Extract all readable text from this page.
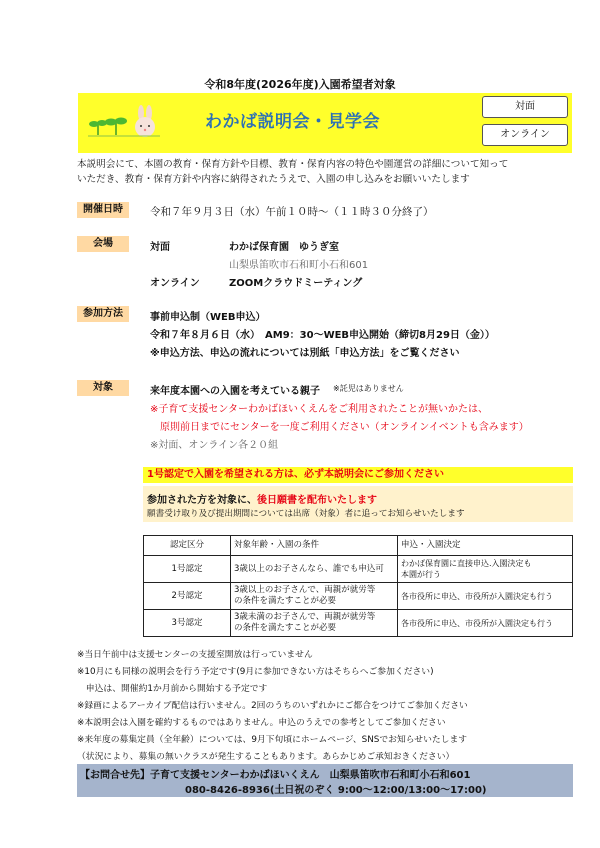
令和8年度(2026年度)入園希望者対象
わかば説明会・見学会
対面
オンライン
本説明会にて、本園の教育・保育方針や目標、教育・保育内容の特色や園運営の詳細について知って
いただき、教育・保育方針や内容に納得されたうえで、入園の申し込みをお願いいたします
開催日時	令和７年９月３日（水）午前１０時～（１１時３０分終了）
会場	対面	わかば保育園　ゆうぎ室
山梨県笛吹市石和町小石和601
オンライン	ZOOMクラウドミーティング
参加方法	事前申込制（WEB申込）
令和７年８月６日（水）　AM9：30～WEB申込開始（締切8月29日（金））
※申込方法、申込の流れについては別紙「申込方法」をご覧ください
対象	来年度本園への入園を考えている親子 ※託児はありません
※子育て支援センターわかばほいくえんをご利用されたことが無いかたは、
原則前日までにセンターを一度ご利用ください（オンラインイベントも含みます）
※対面、オンライン各２０組
1号認定で入園を希望される方は、必ず本説明会にご参加ください
参加された方を対象に、後日願書を配布いたします
願書受け取り及び提出期間については出席（対象）者に追ってお知らせいたします
認定区分	対象年齢・入園の条件	申込・入園決定
1号認定	3歳以上のお子さんなら、誰でも申込可	わかば保育園に直接申込.入園決定も
本園が行う

2号認定	3歳以上のお子さんで、両親が就労等
の条件を満たすことが必要	各市役所に申込、市役所が入園決定も行う
3号認定	3歳未満のお子さんで、両親が就労等
の条件を満たすことが必要	各市役所に申込、市役所が入園決定も行う
※当日午前中は支援センターの支援室開放は行っていません
※10月にも同様の説明会を行う予定です(9月に参加できない方はそちらへご参加ください)
　申込は、開催約1か月前から開始する予定です
※録画によるアーカイブ配信は行いません。2回のうちのいずれかにご都合をつけてご参加ください
※本説明会は入園を確約するものではありません。申込のうえでの参考としてご参加ください
※来年度の募集定員（全年齢）については、9月下旬頃にホームページ、SNSでお知らせいたします
（状況により、募集の無いクラスが発生することもあります。あらかじめご承知おきください）
【お問合せ先】子育て支援センターわかばほいくえん　山梨県笛吹市石和町小石和601
080-8426-8936(土日祝のぞく 9:00～12:00/13:00～17:00)
